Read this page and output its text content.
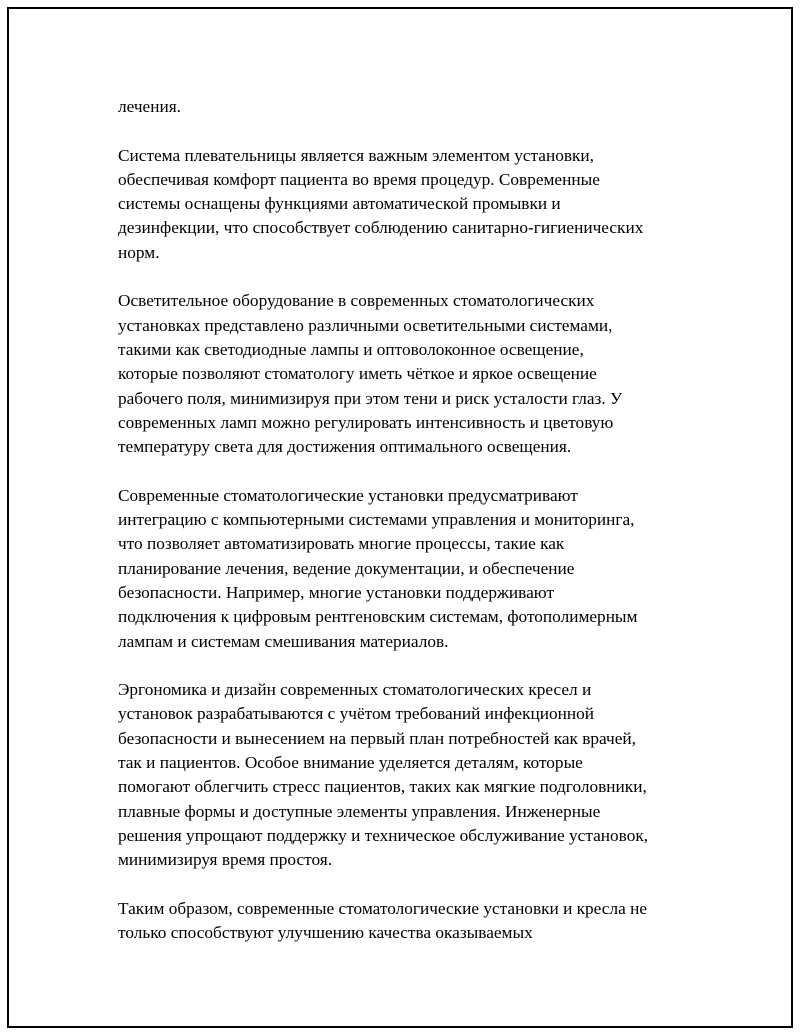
лечения.
Система плевательницы является важным элементом установки,
обеспечивая комфорт пациента во время процедур. Современные
системы оснащены функциями автоматической промывки и
дезинфекции, что способствует соблюдению санитарно-гигиенических
норм.
Осветительное оборудование в современных стоматологических
установках представлено различными осветительными системами,
такими как светодиодные лампы и оптоволоконное освещение,
которые позволяют стоматологу иметь чёткое и яркое освещение
рабочего поля, минимизируя при этом тени и риск усталости глаз. У
современных ламп можно регулировать интенсивность и цветовую
температуру света для достижения оптимального освещения.
Современные стоматологические установки предусматривают
интеграцию с компьютерными системами управления и мониторинга,
что позволяет автоматизировать многие процессы, такие как
планирование лечения, ведение документации, и обеспечение
безопасности. Например, многие установки поддерживают
подключения к цифровым рентгеновским системам, фотополимерным
лампам и системам смешивания материалов.
Эргономика и дизайн современных стоматологических кресел и
установок разрабатываются с учётом требований инфекционной
безопасности и вынесением на первый план потребностей как врачей,
так и пациентов. Особое внимание уделяется деталям, которые
помогают облегчить стресс пациентов, таких как мягкие подголовники,
плавные формы и доступные элементы управления. Инженерные
решения упрощают поддержку и техническое обслуживание установок,
минимизируя время простоя.
Таким образом, современные стоматологические установки и кресла не
только способствуют улучшению качества оказываемых
